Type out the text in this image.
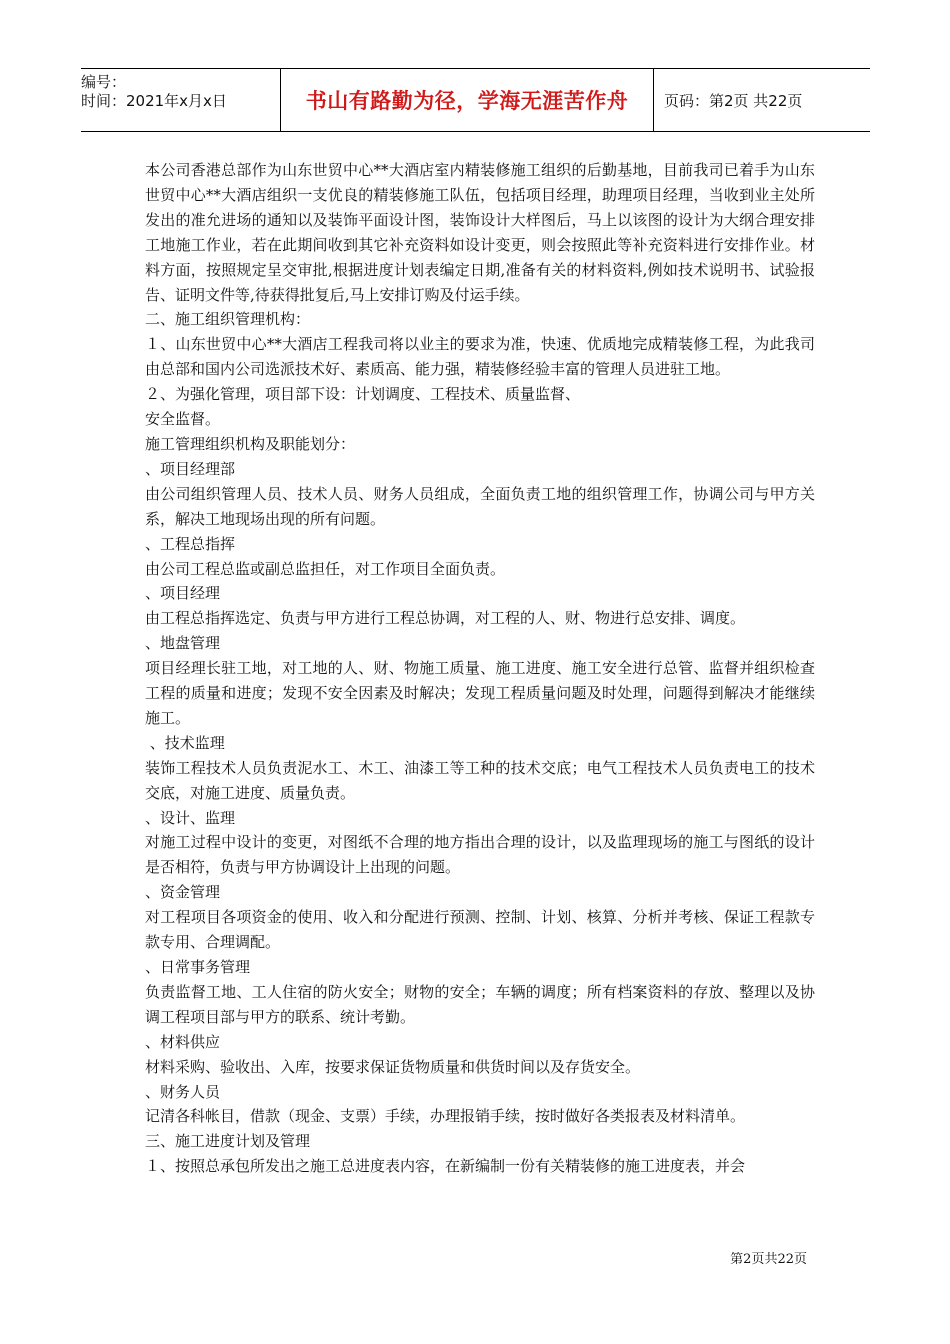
编号：
时间：2021年x月x日	书山有路勤为径，学海无涯苦作舟	页码：第2页 共22页

本公司香港总部作为山东世贸中心**大酒店室内精装修施工组织的后勤基地，目前我司已着手为山东世贸中心**大酒店组织一支优良的精装修施工队伍，包括项目经理，助理项目经理，当收到业主处所发出的准允进场的通知以及装饰平面设计图，装饰设计大样图后，马上以该图的设计为大纲合理安排工地施工作业，若在此期间收到其它补充资料如设计变更，则会按照此等补充资料进行安排作业。材料方面，按照规定呈交审批,根据进度计划表编定日期,准备有关的材料资料,例如技术说明书、试验报告、证明文件等,待获得批复后,马上安排订购及付运手续。

二、施工组织管理机构：

１、山东世贸中心**大酒店工程我司将以业主的要求为准，快速、优质地完成精装修工程，为此我司由总部和国内公司选派技术好、素质高、能力强，精装修经验丰富的管理人员进驻工地。

２、为强化管理，项目部下设：计划调度、工程技术、质量监督、

安全监督。

施工管理组织机构及职能划分：

、项目经理部

由公司组织管理人员、技术人员、财务人员组成，全面负责工地的组织管理工作，协调公司与甲方关系，解决工地现场出现的所有问题。

、工程总指挥

由公司工程总监或副总监担任，对工作项目全面负责。

、项目经理

由工程总指挥选定、负责与甲方进行工程总协调，对工程的人、财、物进行总安排、调度。

、地盘管理

项目经理长驻工地，对工地的人、财、物施工质量、施工进度、施工安全进行总管、监督并组织检查工程的质量和进度；发现不安全因素及时解决；发现工程质量问题及时处理，问题得到解决才能继续施工。

、技术监理

装饰工程技术人员负责泥水工、木工、油漆工等工种的技术交底；电气工程技术人员负责电工的技术交底，对施工进度、质量负责。

、设计、监理

对施工过程中设计的变更，对图纸不合理的地方指出合理的设计，以及监理现场的施工与图纸的设计是否相符，负责与甲方协调设计上出现的问题。

、资金管理

对工程项目各项资金的使用、收入和分配进行预测、控制、计划、核算、分析并考核、保证工程款专款专用、合理调配。

、日常事务管理

负责监督工地、工人住宿的防火安全；财物的安全；车辆的调度；所有档案资料的存放、整理以及协调工程项目部与甲方的联系、统计考勤。

、材料供应

材料采购、验收出、入库，按要求保证货物质量和供货时间以及存货安全。

、财务人员

记清各科帐目，借款（现金、支票）手续，办理报销手续，按时做好各类报表及材料清单。

三、施工进度计划及管理

１、按照总承包所发出之施工总进度表内容，在新编制一份有关精装修的施工进度表，并会

第2页共22页
